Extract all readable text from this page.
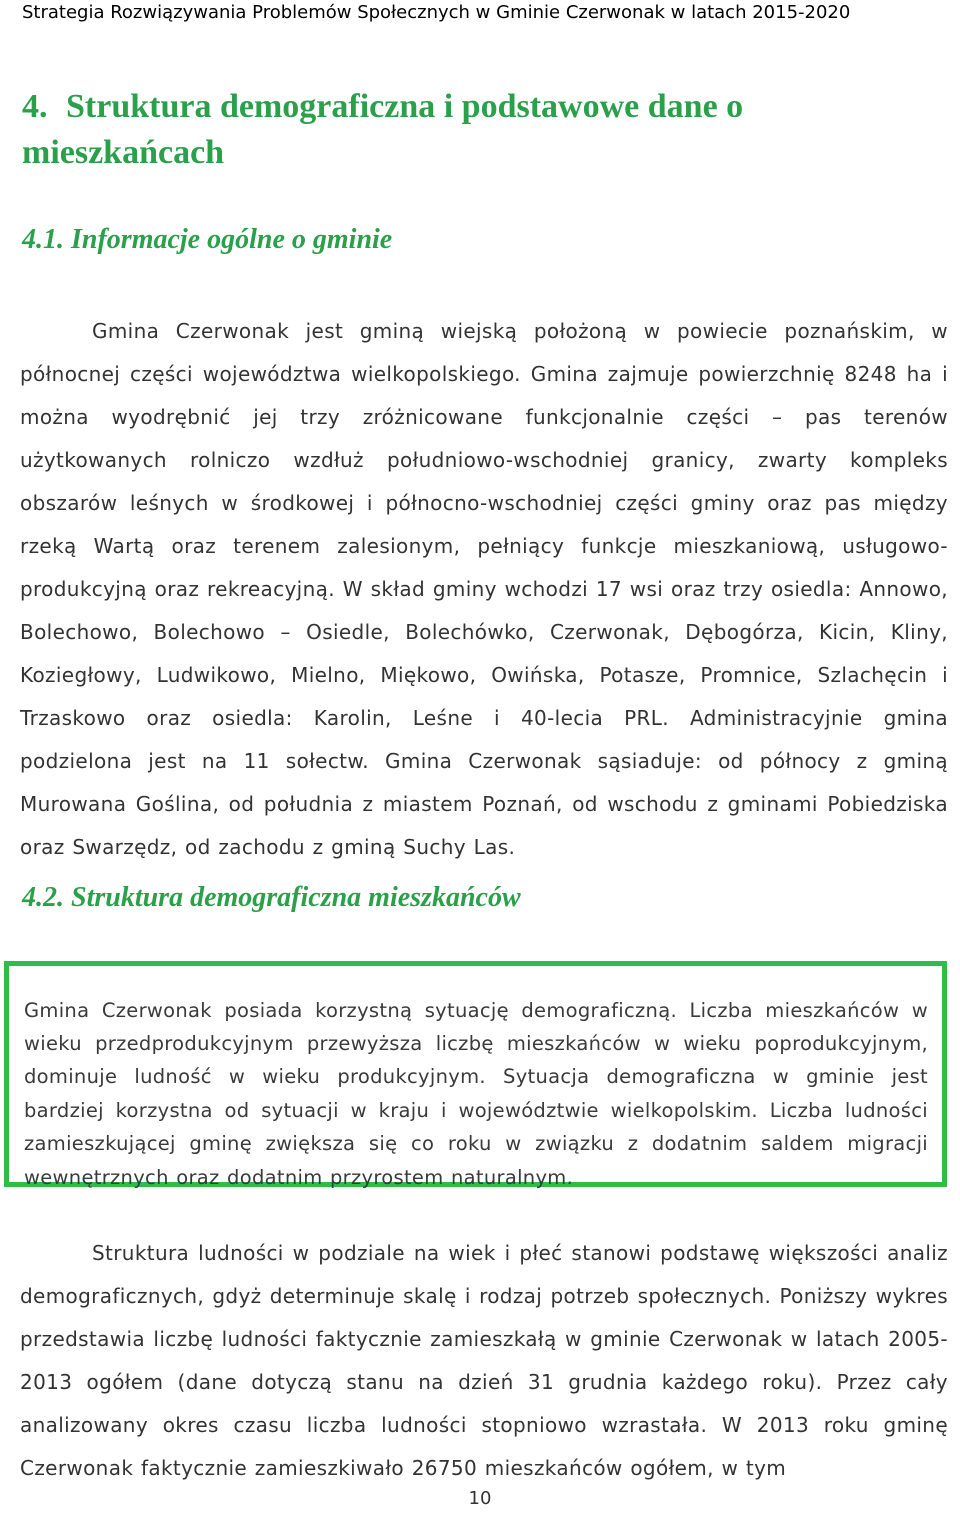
Strategia Rozwiązywania Problemów Społecznych w Gminie Czerwonak w latach 2015-2020
4. Struktura demograficzna i podstawowe dane o mieszkańcach
4.1. Informacje ogólne o gminie

Gmina Czerwonak jest gminą wiejską położoną w powiecie poznańskim, w północnej części województwa wielkopolskiego. Gmina zajmuje powierzchnię 8248 ha i można wyodrębnić jej trzy zróżnicowane funkcjonalnie części – pas terenów użytkowanych rolniczo wzdłuż południowo-wschodniej granicy, zwarty kompleks obszarów leśnych w środkowej i północno-wschodniej części gminy oraz pas między rzeką Wartą oraz terenem zalesionym, pełniący funkcje mieszkaniową, usługowo-produkcyjną oraz rekreacyjną. W skład gminy wchodzi 17 wsi oraz trzy osiedla: Annowo, Bolechowo, Bolechowo – Osiedle, Bolechówko, Czerwonak, Dębogórza, Kicin, Kliny, Koziegłowy, Ludwikowo, Mielno, Miękowo, Owińska, Potasze, Promnice, Szlachęcin i Trzaskowo oraz osiedla: Karolin, Leśne i 40-lecia PRL. Administracyjnie gmina podzielona jest na 11 sołectw. Gmina Czerwonak sąsiaduje: od północy z gminą Murowana Goślina, od południa z miastem Poznań, od wschodu z gminami Pobiedziska oraz Swarzędz, od zachodu z gminą Suchy Las.

4.2. Struktura demograficzna mieszkańców

Gmina Czerwonak posiada korzystną sytuację demograficzną. Liczba mieszkańców w wieku przedprodukcyjnym przewyższa liczbę mieszkańców w wieku poprodukcyjnym, dominuje ludność w wieku produkcyjnym. Sytuacja demograficzna w gminie jest bardziej korzystna od sytuacji w kraju i województwie wielkopolskim. Liczba ludności zamieszkującej gminę zwiększa się co roku w związku z dodatnim saldem migracji wewnętrznych oraz dodatnim przyrostem naturalnym.

Struktura ludności w podziale na wiek i płeć stanowi podstawę większości analiz demograficznych, gdyż determinuje skalę i rodzaj potrzeb społecznych. Poniższy wykres przedstawia liczbę ludności faktycznie zamieszkałą w gminie Czerwonak w latach 2005-2013 ogółem (dane dotyczą stanu na dzień 31 grudnia każdego roku). Przez cały analizowany okres czasu liczba ludności stopniowo wzrastała. W 2013 roku gminę Czerwonak faktycznie zamieszkiwało 26750 mieszkańców ogółem, w tym

10
